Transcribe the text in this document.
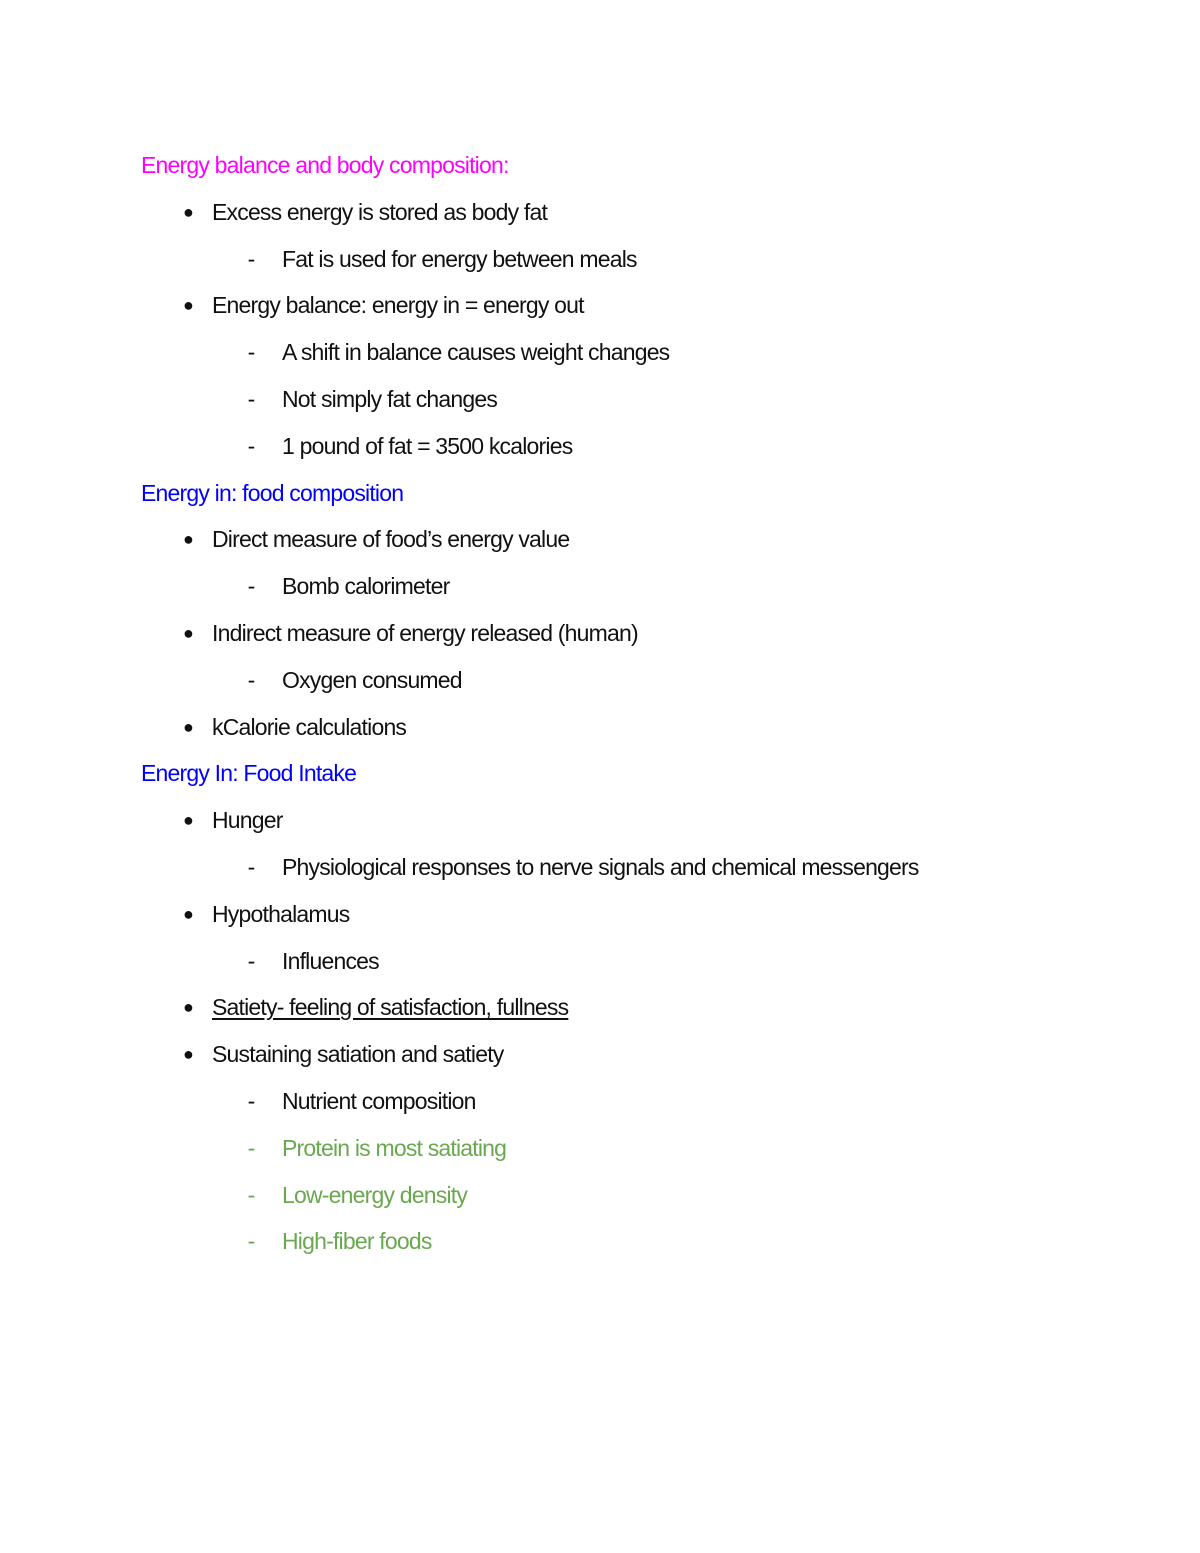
Energy balance and body composition:
● Excess energy is stored as body fat
- Fat is used for energy between meals
● Energy balance: energy in = energy out
- A shift in balance causes weight changes
- Not simply fat changes
- 1 pound of fat = 3500 kcalories
Energy in: food composition
● Direct measure of food’s energy value
- Bomb calorimeter
● Indirect measure of energy released (human)
- Oxygen consumed
● kCalorie calculations
Energy In: Food Intake
● Hunger
- Physiological responses to nerve signals and chemical messengers
● Hypothalamus
- Influences
● Satiety- feeling of satisfaction, fullness
● Sustaining satiation and satiety
- Nutrient composition
- Protein is most satiating
- Low-energy density
- High-fiber foods
